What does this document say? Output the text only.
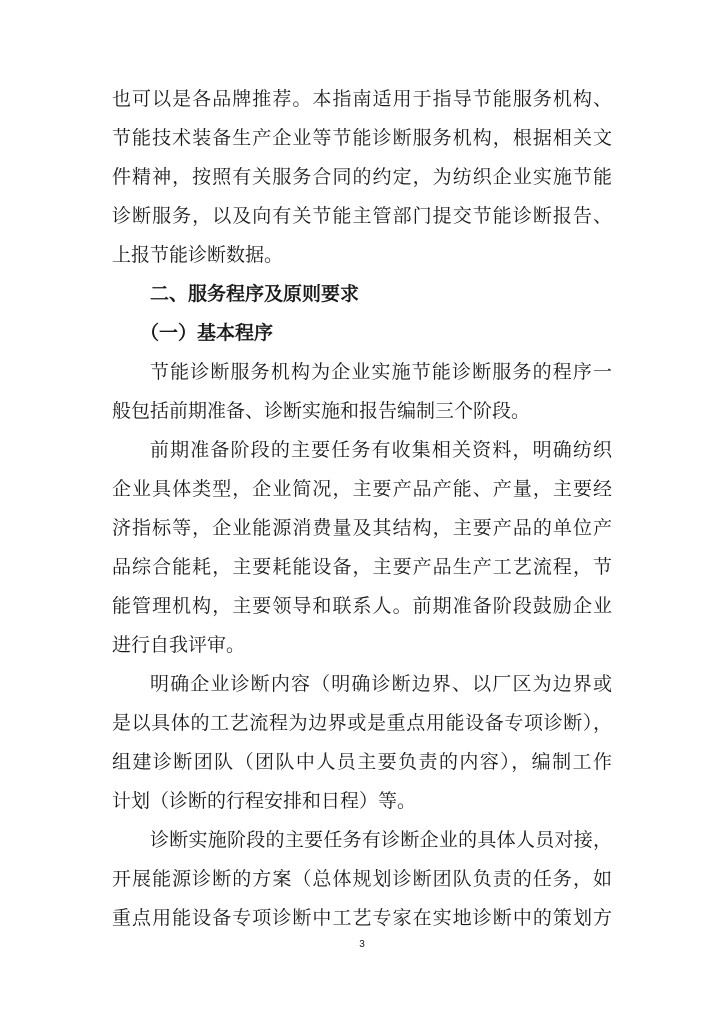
也可以是各品牌推荐。本指南适用于指导节能服务机构、
节能技术装备生产企业等节能诊断服务机构，根据相关文
件精神，按照有关服务合同的约定，为纺织企业实施节能
诊断服务，以及向有关节能主管部门提交节能诊断报告、
上报节能诊断数据。
二、服务程序及原则要求
（一）基本程序
节能诊断服务机构为企业实施节能诊断服务的程序一
般包括前期准备、诊断实施和报告编制三个阶段。
前期准备阶段的主要任务有收集相关资料，明确纺织
企业具体类型，企业简况，主要产品产能、产量，主要经
济指标等，企业能源消费量及其结构，主要产品的单位产
品综合能耗，主要耗能设备，主要产品生产工艺流程，节
能管理机构，主要领导和联系人。前期准备阶段鼓励企业
进行自我评审。
明确企业诊断内容（明确诊断边界、以厂区为边界或
是以具体的工艺流程为边界或是重点用能设备专项诊断），
组建诊断团队（团队中人员主要负责的内容），编制工作
计划（诊断的行程安排和日程）等。
诊断实施阶段的主要任务有诊断企业的具体人员对接，
开展能源诊断的方案（总体规划诊断团队负责的任务，如
重点用能设备专项诊断中工艺专家在实地诊断中的策划方
3
